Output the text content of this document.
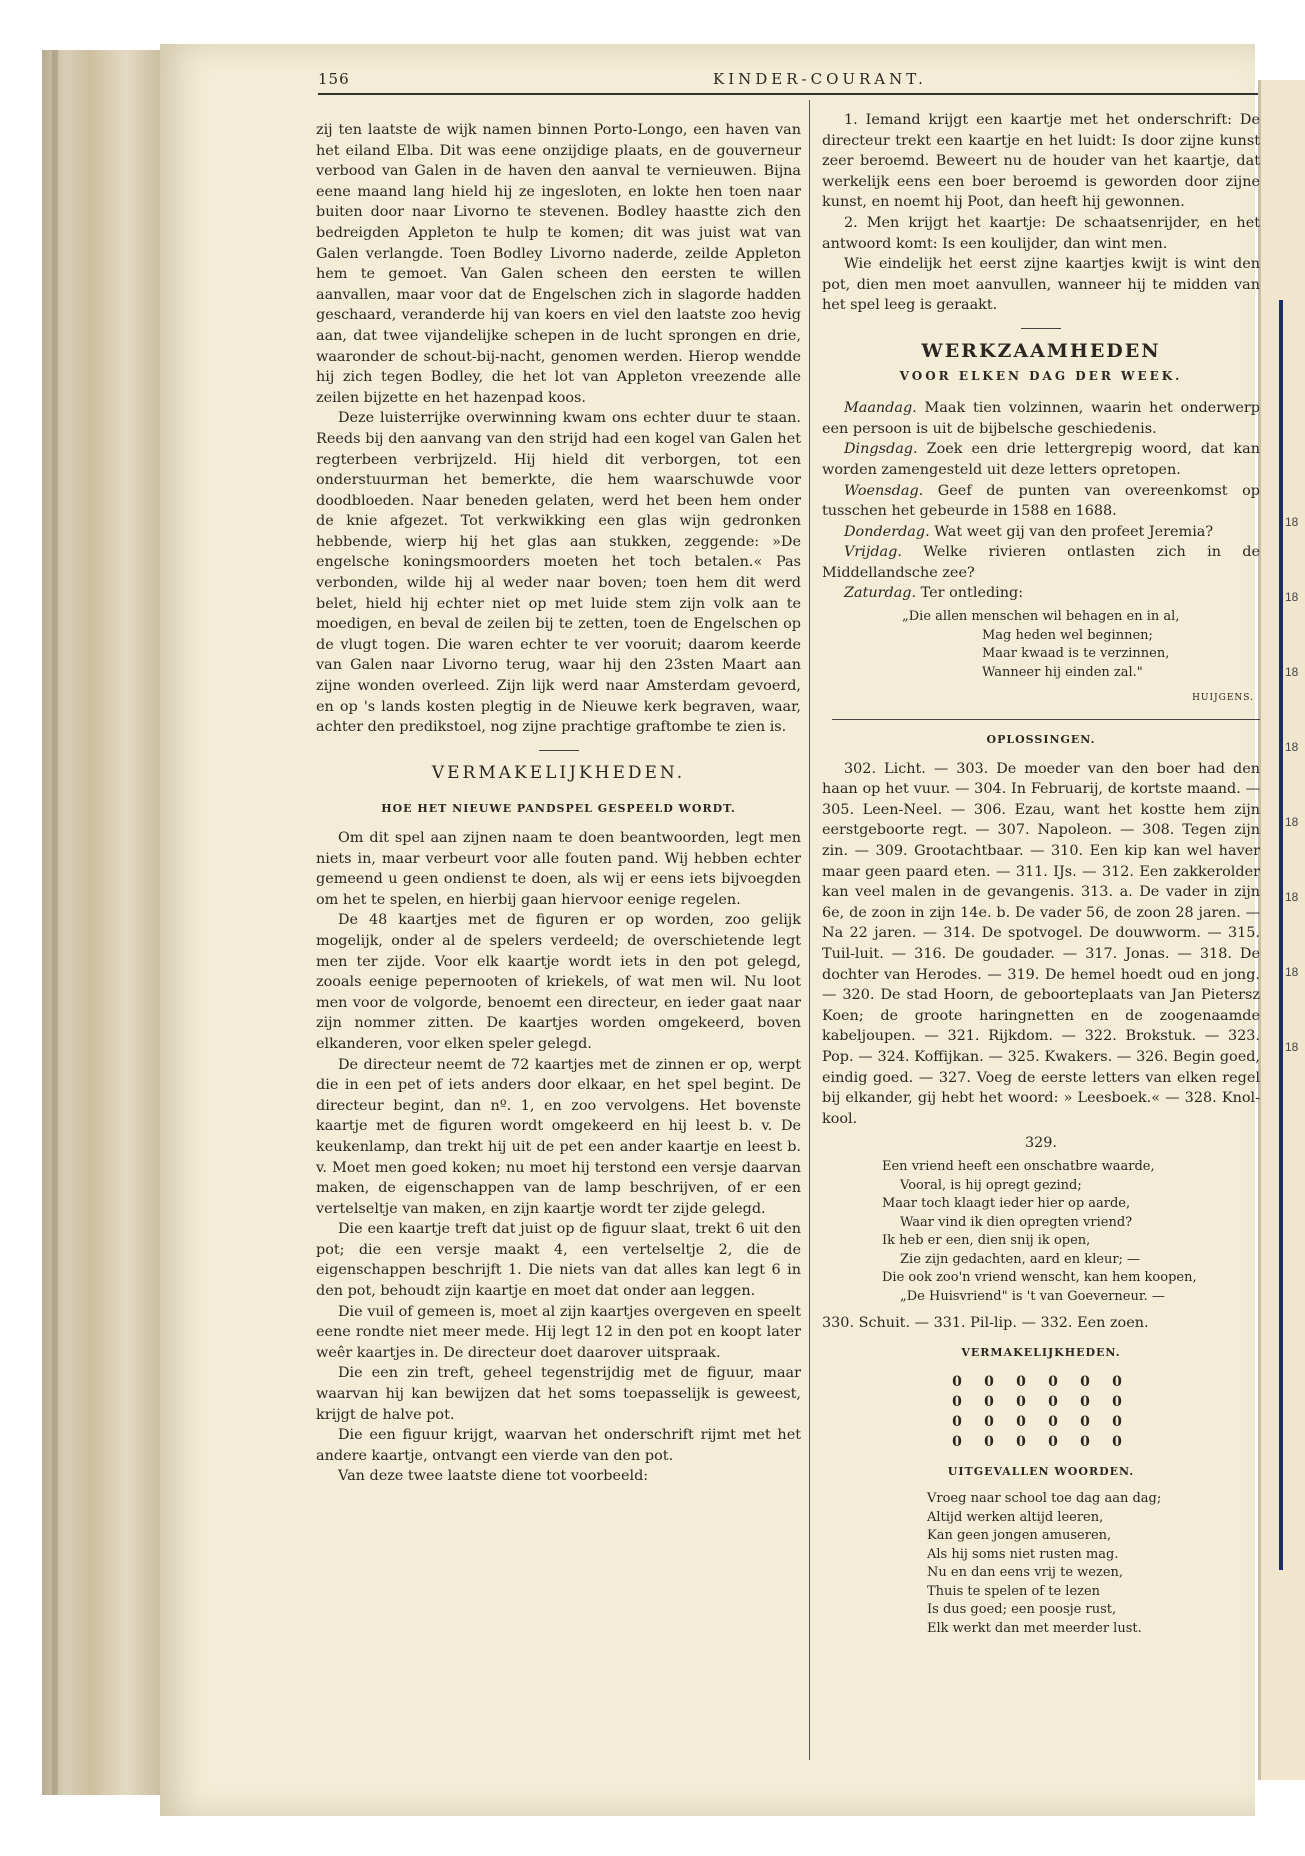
18
18
18
18
18
18
18
18
156	KINDER-COURANT.

zij ten laatste de wijk namen binnen Porto-Longo, een haven van het eiland Elba. Dit was eene onzijdige plaats, en de gouverneur verbood van Galen in de haven den aanval te vernieuwen. Bijna eene maand lang hield hij ze ingesloten, en lokte hen toen naar buiten door naar Livorno te stevenen. Bodley haastte zich den bedreigden Appleton te hulp te komen; dit was juist wat van Galen verlangde. Toen Bodley Livorno naderde, zeilde Appleton hem te gemoet. Van Galen scheen den eersten te willen aanvallen, maar voor dat de Engelschen zich in slagorde hadden geschaard, veranderde hij van koers en viel den laatste zoo hevig aan, dat twee vijandelijke schepen in de lucht sprongen en drie, waaronder de schout-bij-nacht, genomen werden. Hierop wendde hij zich tegen Bodley, die het lot van Appleton vreezende alle zeilen bijzette en het hazenpad koos.

Deze luisterrijke overwinning kwam ons echter duur te staan. Reeds bij den aanvang van den strijd had een kogel van Galen het regterbeen verbrijzeld. Hij hield dit verborgen, tot een onderstuurman het bemerkte, die hem waarschuwde voor doodbloeden. Naar beneden gelaten, werd het been hem onder de knie afgezet. Tot verkwikking een glas wijn gedronken hebbende, wierp hij het glas aan stukken, zeggende: »De engelsche koningsmoorders moeten het toch betalen.« Pas verbonden, wilde hij al weder naar boven; toen hem dit werd belet, hield hij echter niet op met luide stem zijn volk aan te moedigen, en beval de zeilen bij te zetten, toen de Engelschen op de vlugt togen. Die waren echter te ver vooruit; daarom keerde van Galen naar Livorno terug, waar hij den 23sten Maart aan zijne wonden overleed. Zijn lijk werd naar Amsterdam gevoerd, en op 's lands kosten plegtig in de Nieuwe kerk begraven, waar, achter den predikstoel, nog zijne prachtige graftombe te zien is.

VERMAKELIJKHEDEN.
HOE HET NIEUWE PANDSPEL GESPEELD WORDT.

Om dit spel aan zijnen naam te doen beantwoorden, legt men niets in, maar verbeurt voor alle fouten pand. Wij hebben echter gemeend u geen ondienst te doen, als wij er eens iets bijvoegden om het te spelen, en hierbij gaan hiervoor eenige regelen.

De 48 kaartjes met de figuren er op worden, zoo gelijk mogelijk, onder al de spelers verdeeld; de overschietende legt men ter zijde. Voor elk kaartje wordt iets in den pot gelegd, zooals eenige pepernooten of kriekels, of wat men wil. Nu loot men voor de volgorde, benoemt een directeur, en ieder gaat naar zijn nommer zitten. De kaartjes worden omgekeerd, boven elkanderen, voor elken speler gelegd.

De directeur neemt de 72 kaartjes met de zinnen er op, werpt die in een pet of iets anders door elkaar, en het spel begint. De directeur begint, dan nº. 1, en zoo vervolgens. Het bovenste kaartje met de figuren wordt omgekeerd en hij leest b. v. De keukenlamp, dan trekt hij uit de pet een ander kaartje en leest b. v. Moet men goed koken; nu moet hij terstond een versje daarvan maken, de eigenschappen van de lamp beschrijven, of er een vertelseltje van maken, en zijn kaartje wordt ter zijde gelegd.

Die een kaartje treft dat juist op de figuur slaat, trekt 6 uit den pot; die een versje maakt 4, een vertelseltje 2, die de eigenschappen beschrijft 1. Die niets van dat alles kan legt 6 in den pot, behoudt zijn kaartje en moet dat onder aan leggen.

Die vuil of gemeen is, moet al zijn kaartjes overgeven en speelt eene rondte niet meer mede. Hij legt 12 in den pot en koopt later weêr kaartjes in. De directeur doet daarover uitspraak.

Die een zin treft, geheel tegenstrijdig met de figuur, maar waarvan hij kan bewijzen dat het soms toepasselijk is geweest, krijgt de halve pot.

Die een figuur krijgt, waarvan het onderschrift rijmt met het andere kaartje, ontvangt een vierde van den pot.

Van deze twee laatste diene tot voorbeeld:

1. Iemand krijgt een kaartje met het onderschrift: De directeur trekt een kaartje en het luidt: Is door zijne kunst zeer beroemd. Beweert nu de houder van het kaartje, dat werkelijk eens een boer beroemd is geworden door zijne kunst, en noemt hij Poot, dan heeft hij gewonnen.

2. Men krijgt het kaartje: De schaatsenrijder, en het antwoord komt: Is een koulijder, dan wint men.

Wie eindelijk het eerst zijne kaartjes kwijt is wint den pot, dien men moet aanvullen, wanneer hij te midden van het spel leeg is geraakt.

WERKZAAMHEDEN
VOOR ELKEN DAG DER WEEK.

Maandag. Maak tien volzinnen, waarin het onderwerp een persoon is uit de bijbelsche geschiedenis.

Dingsdag. Zoek een drie lettergrepig woord, dat kan worden zamengesteld uit deze letters opretopen.

Woensdag. Geef de punten van overeenkomst op tusschen het gebeurde in 1588 en 1688.

Donderdag. Wat weet gij van den profeet Jeremia?

Vrijdag. Welke rivieren ontlasten zich in de Middellandsche zee?

Zaturdag. Ter ontleding:

„Die allen menschen wil behagen en in al,
Mag heden wel beginnen;
Maar kwaad is te verzinnen,
Wanneer hij einden zal."
HUIJGENS.
OPLOSSINGEN.

302. Licht. — 303. De moeder van den boer had den haan op het vuur. — 304. In Februarij, de kortste maand. — 305. Leen-Neel. — 306. Ezau, want het kostte hem zijn eerstgeboorte regt. — 307. Napoleon. — 308. Tegen zijn zin. — 309. Grootachtbaar. — 310. Een kip kan wel haver maar geen paard eten. — 311. IJs. — 312. Een zakkerolder kan veel malen in de gevangenis. 313. a. De vader in zijn 6e, de zoon in zijn 14e. b. De vader 56, de zoon 28 jaren. — Na 22 jaren. — 314. De spotvogel. De douwworm. — 315. Tuil-luit. — 316. De goudader. — 317. Jonas. — 318. De dochter van Herodes. — 319. De hemel hoedt oud en jong. — 320. De stad Hoorn, de geboorteplaats van Jan Pietersz Koen; de groote haringnetten en de zoogenaamde kabeljoupen. — 321. Rijkdom. — 322. Brokstuk. — 323. Pop. — 324. Koffijkan. — 325. Kwakers. — 326. Begin goed, eindig goed. — 327. Voeg de eerste letters van elken regel bij elkander, gij hebt het woord: » Leesboek.« — 328. Knol-kool.

329.
Een vriend heeft een onschatbre waarde,
Vooral, is hij opregt gezind;
Maar toch klaagt ieder hier op aarde,
Waar vind ik dien opregten vriend?
Ik heb er een, dien snij ik open,
Zie zijn gedachten, aard en kleur; —
Die ook zoo'n vriend wenscht, kan hem koopen,
„De Huisvriend" is 't van Goeverneur. —

330. Schuit. — 331. Pil-lip. — 332. Een zoen.

VERMAKELIJKHEDEN.
0 0 0 0 0 0
0 0 0 0 0 0
0 0 0 0 0 0
0 0 0 0 0 0
UITGEVALLEN WOORDEN.
Vroeg naar school toe dag aan dag;
Altijd werken altijd leeren,
Kan geen jongen amuseren,
Als hij soms niet rusten mag.
Nu en dan eens vrij te wezen,
Thuis te spelen of te lezen
Is dus goed; een poosje rust,
Elk werkt dan met meerder lust.
